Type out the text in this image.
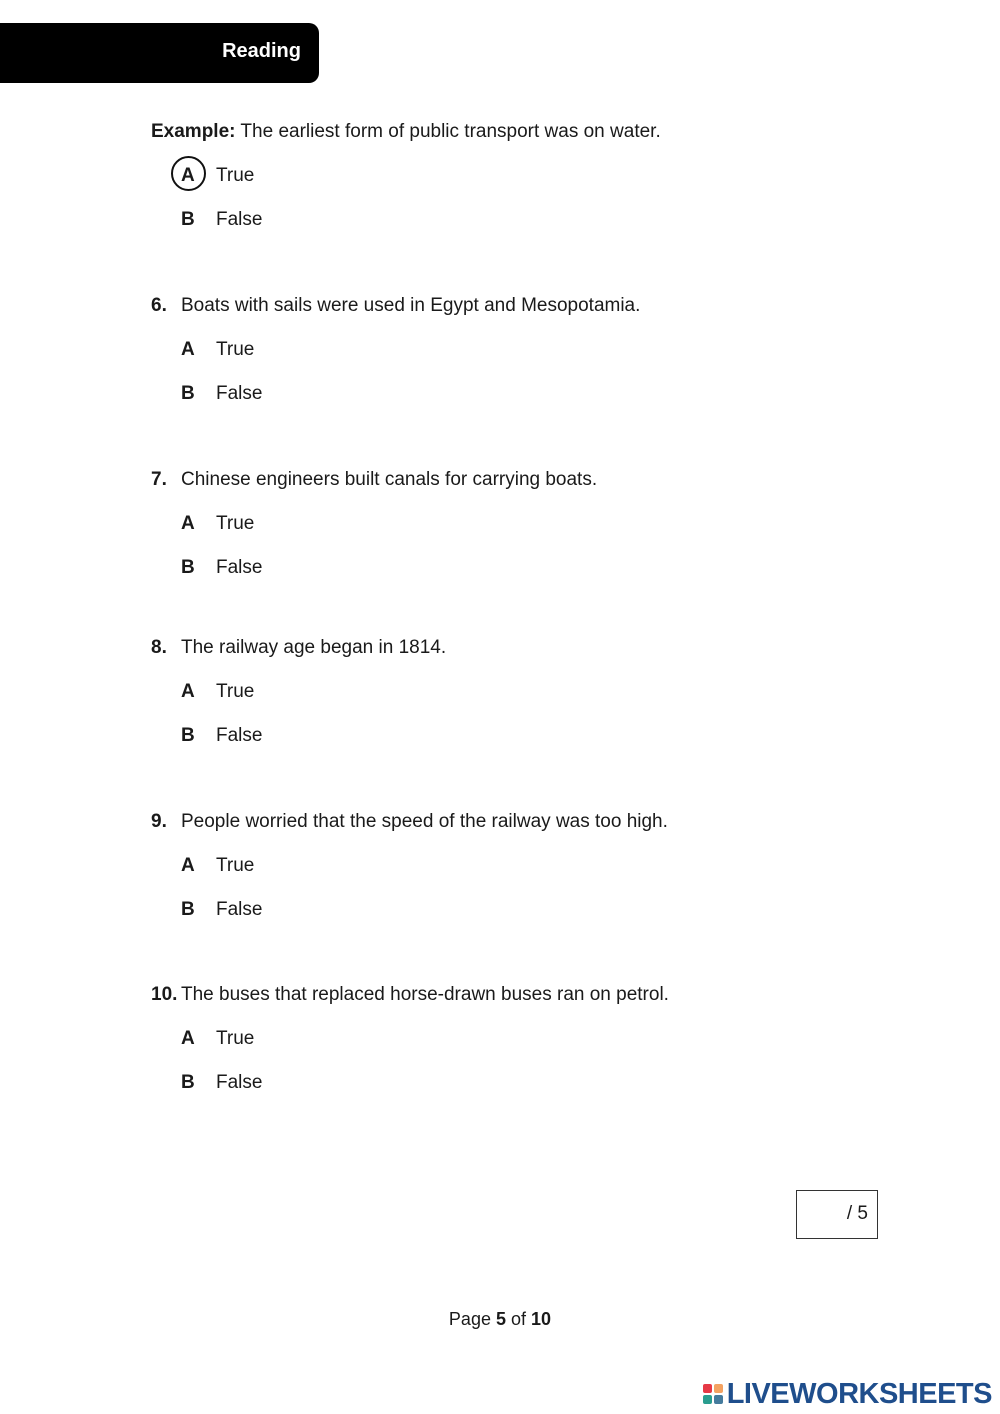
Reading
Example: The earliest form of public transport was on water.
A True
B False
6. Boats with sails were used in Egypt and Mesopotamia.
A True
B False
7. Chinese engineers built canals for carrying boats.
A True
B False
8. The railway age began in 1814.
A True
B False
9. People worried that the speed of the railway was too high.
A True
B False
10. The buses that replaced horse-drawn buses ran on petrol.
A True
B False
/ 5
Page 5 of 10
LIVEWORKSHEETS
